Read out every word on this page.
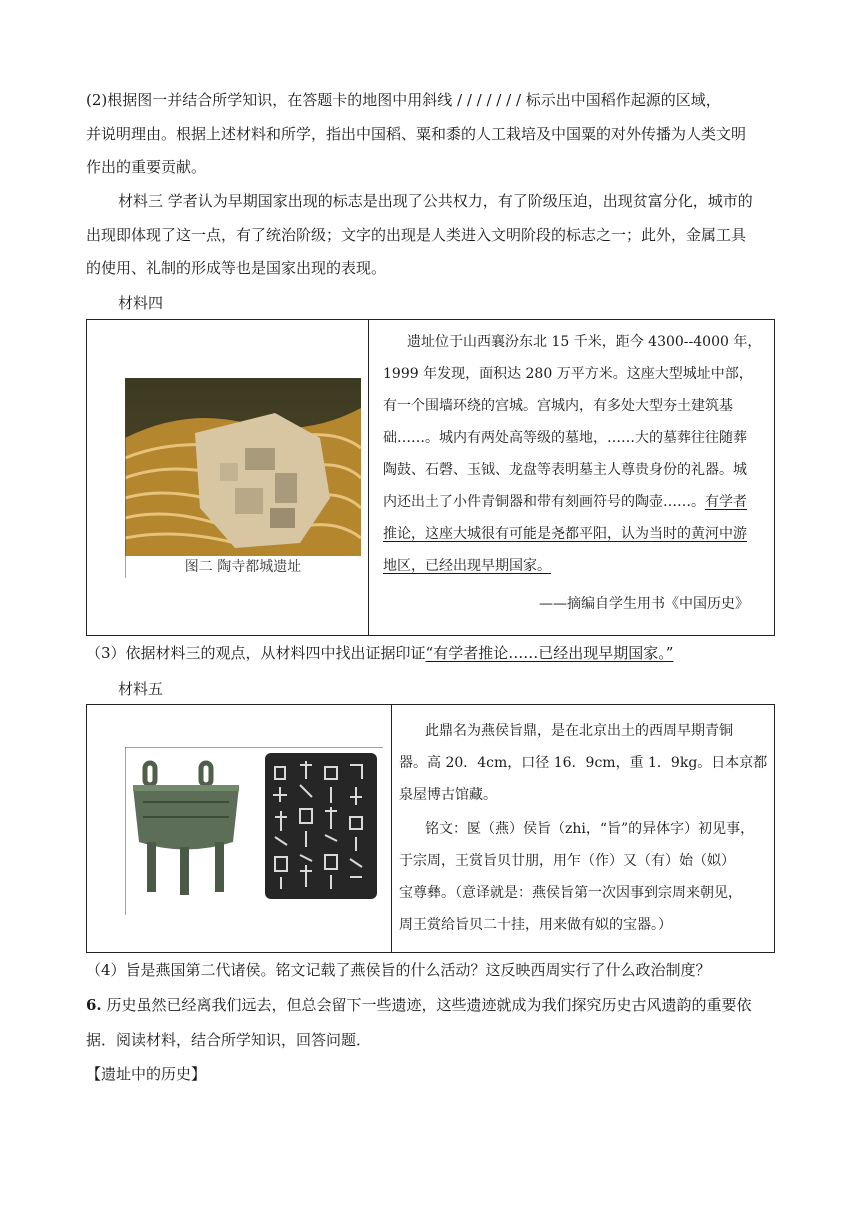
(2)根据图一并结合所学知识，在答题卡的地图中用斜线 / / / / / / / 标示出中国稻作起源的区域，

并说明理由。根据上述材料和所学，指出中国稻、粟和黍的人工栽培及中国粟的对外传播为人类文明

作出的重要贡献。

材料三 学者认为早期国家出现的标志是出现了公共权力，有了阶级压迫，出现贫富分化，城市的

出现即体现了这一点，有了统治阶级；文字的出现是人类进入文明阶段的标志之一；此外，金属工具

的使用、礼制的形成等也是国家出现的表现。

材料四

图二 陶寺都城遗址

遗址位于山西襄汾东北 15 千米，距今 4300--4000 年，

1999 年发现，面积达 280 万平方米。这座大型城址中部，

有一个围墙环绕的宫城。宫城内，有多处大型夯土建筑基

础……。城内有两处高等级的墓地，……大的墓葬往往随葬

陶鼓、石磬、玉钺、龙盘等表明墓主人尊贵身份的礼器。城

内还出土了小件青铜器和带有刻画符号的陶壶……。有学者

推论，这座大城很有可能是尧都平阳，认为当时的黄河中游

地区，已经出现早期国家。

——摘编自学生用书《中国历史》

（3）依据材料三的观点，从材料四中找出证据印证“有学者推论……已经出现早期国家。”

材料五

此鼎名为燕侯旨鼎，是在北京出土的西周早期青铜

器。高 20．4cm，口径 16．9cm，重 1．9kg。日本京都

泉屋博古馆藏。

铭文：匽（燕）侯旨（zhi，“旨”的异体字）初见事，

于宗周，王赏旨贝廿朋，用乍（作）又（有）始（姒）

宝尊彝。（意译就是：燕侯旨第一次因事到宗周来朝见，

周王赏给旨贝二十挂，用来做有姒的宝器。）

（4）旨是燕国第二代诸侯。铭文记载了燕侯旨的什么活动？这反映西周实行了什么政治制度？

6. 历史虽然已经离我们远去，但总会留下一些遗迹，这些遗迹就成为我们探究历史古风遗韵的重要依

据．阅读材料，结合所学知识，回答问题．

【遗址中的历史】
